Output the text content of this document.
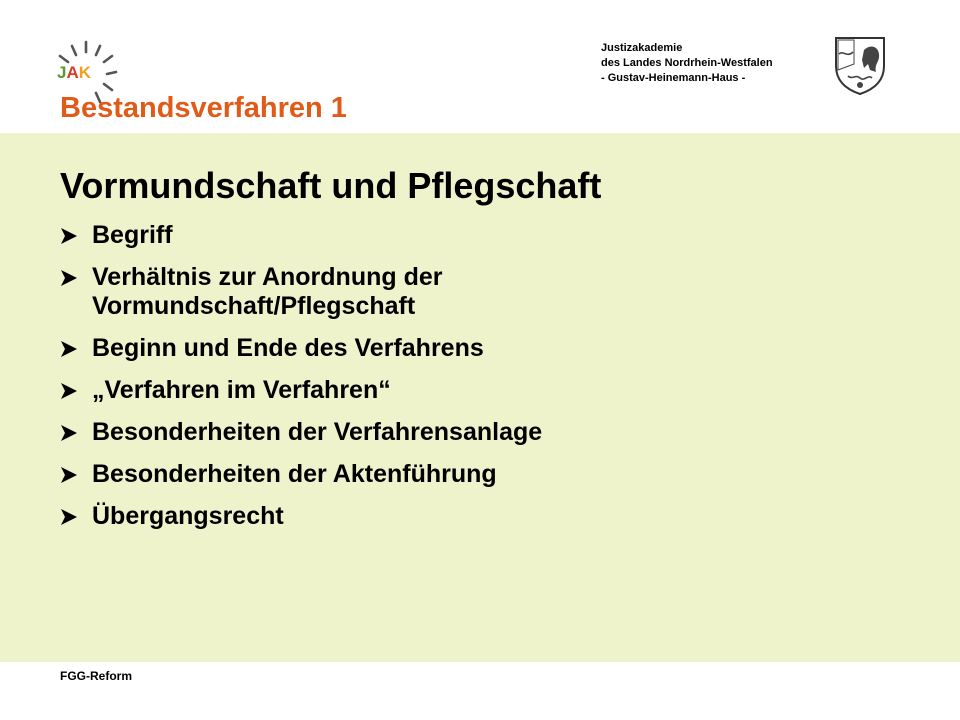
JAK
Justizakademie
des Landes Nordrhein-Westfalen
- Gustav-Heinemann-Haus -
Bestandsverfahren 1
Vormundschaft und Pflegschaft
Begriff
Verhältnis zur Anordnung der
Vormundschaft/Pflegschaft
Beginn und Ende des Verfahrens
„Verfahren im Verfahren“
Besonderheiten der Verfahrensanlage
Besonderheiten der Aktenführung
Übergangsrecht
FGG-Reform
